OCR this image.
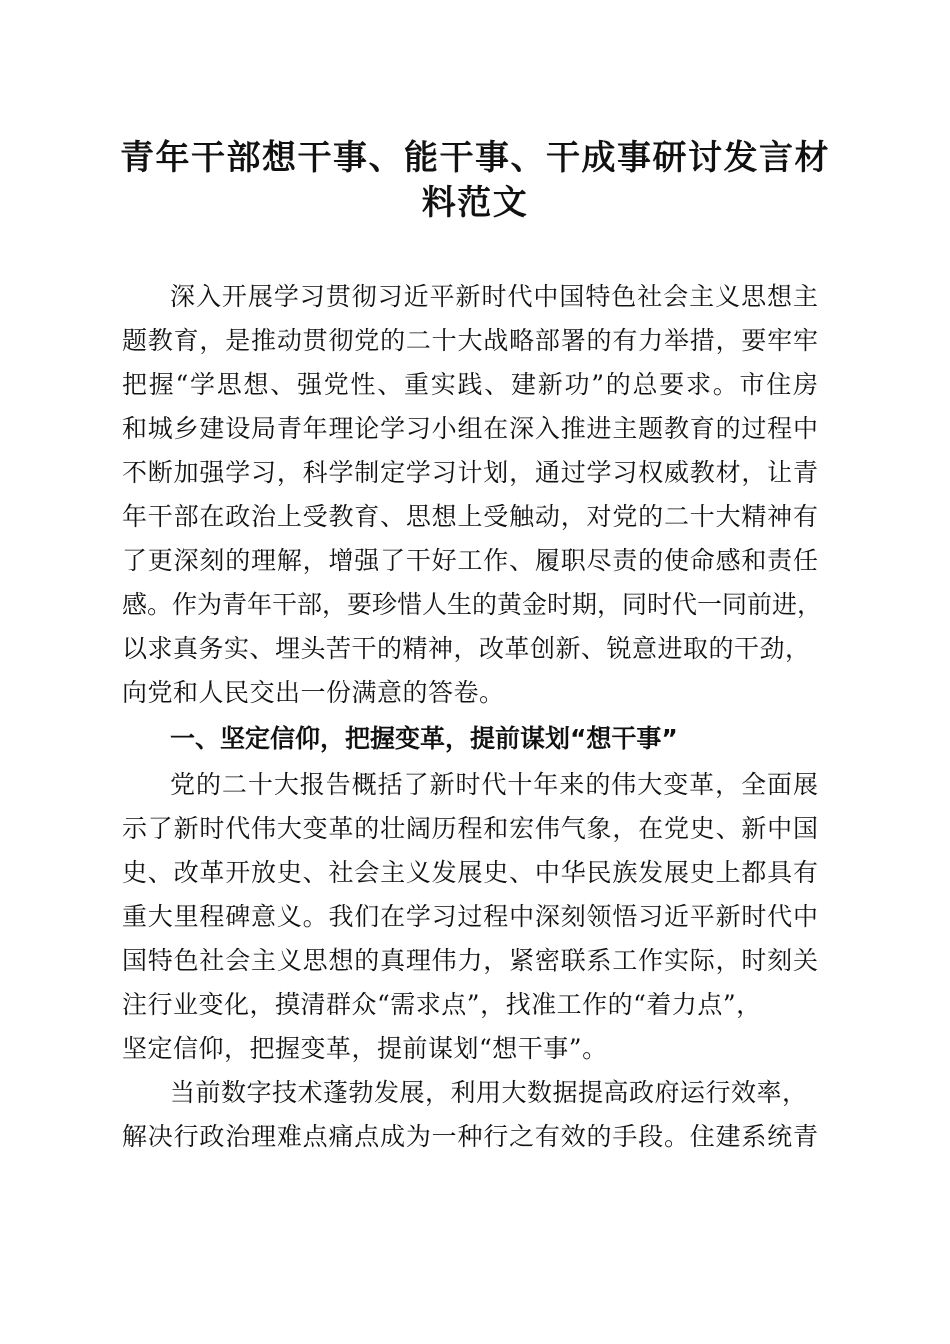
青年干部想干事、能干事、干成事研讨发言材
料范文
深入开展学习贯彻习近平新时代中国特色社会主义思想主
题教育，是推动贯彻党的二十大战略部署的有力举措，要牢牢
把握“学思想、强党性、重实践、建新功”的总要求。市住房
和城乡建设局青年理论学习小组在深入推进主题教育的过程中
不断加强学习，科学制定学习计划，通过学习权威教材，让青
年干部在政治上受教育、思想上受触动，对党的二十大精神有
了更深刻的理解，增强了干好工作、履职尽责的使命感和责任
感。作为青年干部，要珍惜人生的黄金时期，同时代一同前进，
以求真务实、埋头苦干的精神，改革创新、锐意进取的干劲，
向党和人民交出一份满意的答卷。
一、坚定信仰，把握变革，提前谋划“想干事”
党的二十大报告概括了新时代十年来的伟大变革，全面展
示了新时代伟大变革的壮阔历程和宏伟气象，在党史、新中国
史、改革开放史、社会主义发展史、中华民族发展史上都具有
重大里程碑意义。我们在学习过程中深刻领悟习近平新时代中
国特色社会主义思想的真理伟力，紧密联系工作实际，时刻关
注行业变化，摸清群众“需求点”，找准工作的“着力点”，
坚定信仰，把握变革，提前谋划“想干事”。
当前数字技术蓬勃发展，利用大数据提高政府运行效率，
解决行政治理难点痛点成为一种行之有效的手段。住建系统青
